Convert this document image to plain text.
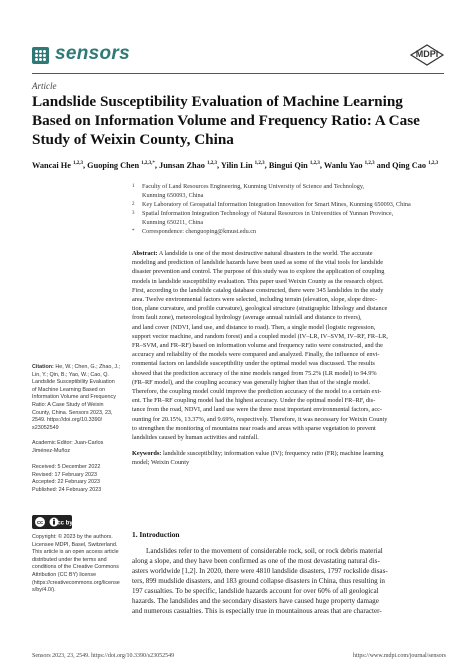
sensors	MDPI
Article
Landslide Susceptibility Evaluation of Machine Learning
Based on Information Volume and Frequency Ratio: A Case
Study of Weixin County, China
Wancai He $^{1,2,3}$, Guoping Chen $^{1,2,3,*}$, Junsan Zhao $^{1,2,3}$, Yilin Lin $^{1,2,3}$, Bingui Qin $^{1,2,3}$, Wanlu Yao $^{1,2,3}$ and Qing Cao $^{1,2,3}$
1 Faculty of Land Resources Engineering, Kunming University of Science and Technology,
Kunming 650093, China
2 Key Laboratory of Geospatial Information Integration Innovation for Smart Mines, Kunming 650093, China
3 Spatial Information Integration Technology of Natural Resources in Universities of Yunnan Province,
Kunming 650211, China
* Correspondence: chenguoping@kmust.edu.cn
Abstract: A landslide is one of the most destructive natural disasters in the world. The accurate
modeling and prediction of landslide hazards have been used as some of the vital tools for landslide
disaster prevention and control. The purpose of this study was to explore the application of coupling
models in landslide susceptibility evaluation. This paper used Weixin County as the research object.
First, according to the landslide catalog database constructed, there were 345 landslides in the study
area. Twelve environmental factors were selected, including terrain (elevation, slope, slope direc-
tion, plane curvature, and profile curvature), geological structure (stratigraphic lithology and distance
from fault zone), meteorological hydrology (average annual rainfall and distance to rivers),
and land cover (NDVI, land use, and distance to road). Then, a single model (logistic regression,
support vector machine, and random forest) and a coupled model (IV–LR, IV–SVM, IV–RF, FR–LR,
FR–SVM, and FR–RF) based on information volume and frequency ratio were constructed, and the
accuracy and reliability of the models were compared and analyzed. Finally, the influence of envi-
ronmental factors on landslide susceptibility under the optimal model was discussed. The results
showed that the prediction accuracy of the nine models ranged from 75.2% (LR model) to 94.9%
(FR–RF model), and the coupling accuracy was generally higher than that of the single model.
Therefore, the coupling model could improve the prediction accuracy of the model to a certain ext-
ent. The FR–RF coupling model had the highest accuracy. Under the optimal model FR–RF, dis-
tance from the road, NDVI, and land use were the three most important environmental factors, acc-
ounting for 20.15%, 13.37%, and 9.69%, respectively. Therefore, it was necessary for Weixin County
to strengthen the monitoring of mountains near roads and areas with sparse vegetation to prevent
landslides caused by human activities and rainfall.
Keywords: landslide susceptibility; information value (IV); frequency ratio (FR); machine learning
model; Weixin County
Citation: He, W.; Chen, G.; Zhao, J.;
Lin, Y.; Qin, B.; Yao, W.; Cao, Q.
Landslide Susceptibility Evaluation
of Machine Learning Based on
Information Volume and Frequency
Ratio: A Case Study of Weixin
County, China. Sensors 2023, 23,
2549. https://doi.org/10.3390/
s23052549
Academic Editor: Juan-Carlos
Jiménez-Muñoz
Received: 5 December 2022
Revised: 17 February 2023
Accepted: 22 February 2023
Published: 24 February 2023
cc cc by
Copyright: © 2023 by the authors.
Licensee MDPI, Basel, Switzerland.
This article is an open access article
distributed under the terms and
conditions of the Creative Commons
Attribution (CC BY) license
(https://creativecommons.org/license
s/by/4.0/).
1. Introduction
Landslides refer to the movement of considerable rock, soil, or rock debris material
along a slope, and they have been confirmed as one of the most devastating natural dis-
asters worldwide [1,2]. In 2020, there were 4810 landslide disasters, 1797 rockslide disas-
ters, 899 mudslide disasters, and 183 ground collapse disasters in China, thus resulting in
197 casualties. To be specific, landslide hazards account for over 60% of all geological
hazards. The landslides and the secondary disasters have caused huge property damage
and numerous casualties. This is especially true in mountainous areas that are character-
Sensors 2023, 23, 2549. https://doi.org/10.3390/s23052549	https://www.mdpi.com/journal/sensors
